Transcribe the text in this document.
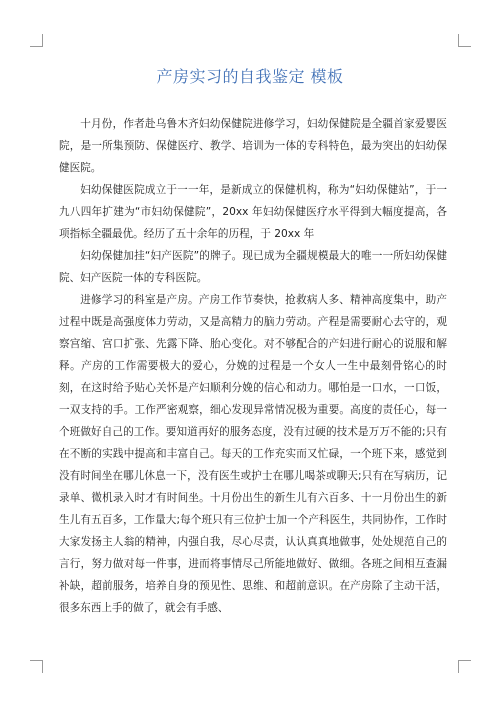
产房实习的自我鉴定 模板

十月份，作者赴乌鲁木齐妇幼保健院进修学习，妇幼保健院是全疆首家爱婴医院，是一所集预防、保健医疗、教学、培训为一体的专科特色，最为突出的妇幼保健医院。

妇幼保健医院成立于一一年，是新成立的保健机构，称为“妇幼保健站”，于一九八四年扩建为“市妇幼保健院”，20xx 年妇幼保健医疗水平得到大幅度提高，各项指标全疆最优。经历了五十余年的历程，于 20xx 年

妇幼保健加挂“妇产医院”的牌子。现已成为全疆规模最大的唯一一所妇幼保健院、妇产医院一体的专科医院。

进修学习的科室是产房。产房工作节奏快，抢救病人多、精神高度集中，助产过程中既是高强度体力劳动，又是高精力的脑力劳动。产程是需要耐心去守的，观察宫缩、宫口扩张、先露下降、胎心变化。对不够配合的产妇进行耐心的说服和解释。产房的工作需要极大的爱心，分娩的过程是一个女人一生中最刻骨铭心的时刻，在这时给予贴心关怀是产妇顺利分娩的信心和动力。哪怕是一口水，一口饭，一双支持的手。工作严密观察，细心发现异常情况极为重要。高度的责任心，每一个班做好自己的工作。要知道再好的服务态度，没有过硬的技术是万万不能的;只有在不断的实践中提高和丰富自己。每天的工作充实而又忙碌，一个班下来，感觉到没有时间坐在哪儿休息一下，没有医生或护士在哪儿喝茶或聊天;只有在写病历，记录单、微机录入时才有时间坐。十月份出生的新生儿有六百多、十一月份出生的新生儿有五百多，工作量大;每个班只有三位护士加一个产科医生，共同协作，工作时大家发扬主人翁的精神，内强自我，尽心尽责，认认真真地做事，处处规范自己的言行，努力做对每一件事，进而将事情尽己所能地做好、做细。各班之间相互查漏补缺，超前服务，培养自身的预见性、思维、和超前意识。在产房除了主动干活，很多东西上手的做了，就会有手感、
